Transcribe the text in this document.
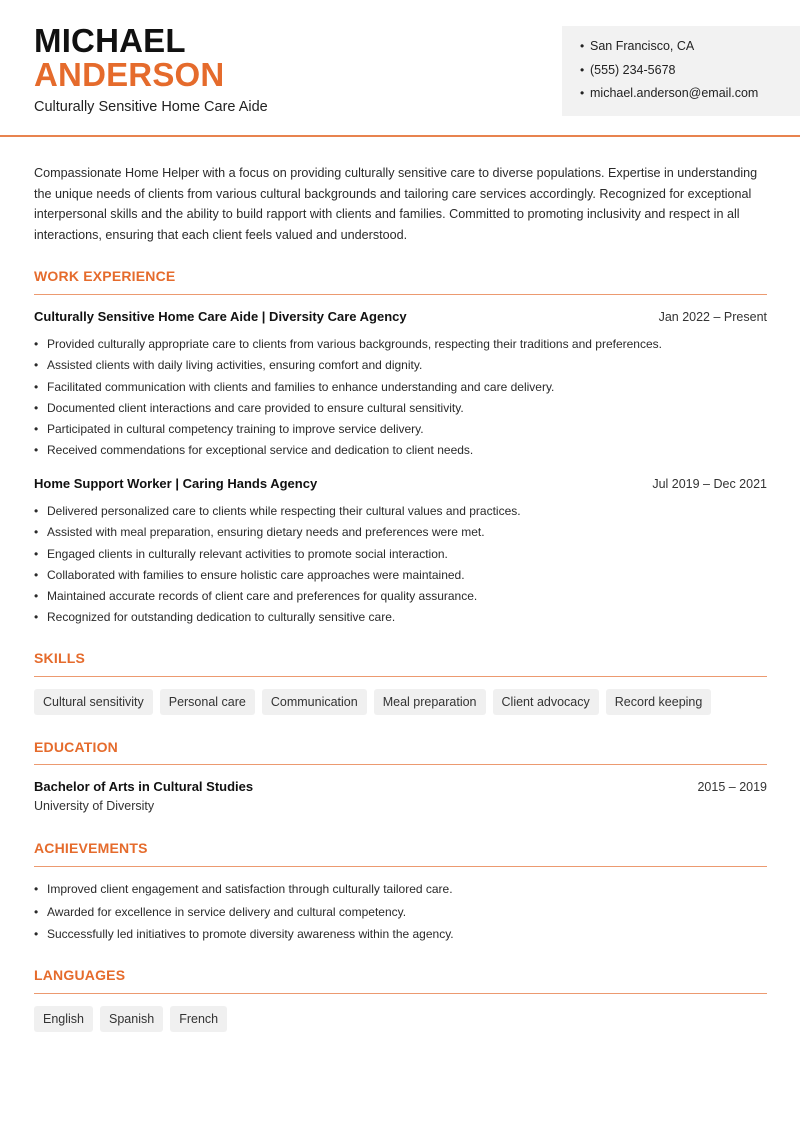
MICHAEL
ANDERSON
Culturally Sensitive Home Care Aide
• San Francisco, CA
• (555) 234-5678
• michael.anderson@email.com
Compassionate Home Helper with a focus on providing culturally sensitive care to diverse populations. Expertise in understanding the unique needs of clients from various cultural backgrounds and tailoring care services accordingly. Recognized for exceptional interpersonal skills and the ability to build rapport with clients and families. Committed to promoting inclusivity and respect in all interactions, ensuring that each client feels valued and understood.
WORK EXPERIENCE
Culturally Sensitive Home Care Aide | Diversity Care Agency	Jan 2022 – Present
• Provided culturally appropriate care to clients from various backgrounds, respecting their traditions and preferences.
• Assisted clients with daily living activities, ensuring comfort and dignity.
• Facilitated communication with clients and families to enhance understanding and care delivery.
• Documented client interactions and care provided to ensure cultural sensitivity.
• Participated in cultural competency training to improve service delivery.
• Received commendations for exceptional service and dedication to client needs.
Home Support Worker | Caring Hands Agency	Jul 2019 – Dec 2021
• Delivered personalized care to clients while respecting their cultural values and practices.
• Assisted with meal preparation, ensuring dietary needs and preferences were met.
• Engaged clients in culturally relevant activities to promote social interaction.
• Collaborated with families to ensure holistic care approaches were maintained.
• Maintained accurate records of client care and preferences for quality assurance.
• Recognized for outstanding dedication to culturally sensitive care.
SKILLS
Cultural sensitivity	Personal care	Communication	Meal preparation	Client advocacy	Record keeping
EDUCATION
Bachelor of Arts in Cultural Studies	2015 – 2019
University of Diversity
ACHIEVEMENTS
• Improved client engagement and satisfaction through culturally tailored care.
• Awarded for excellence in service delivery and cultural competency.
• Successfully led initiatives to promote diversity awareness within the agency.
LANGUAGES
English	Spanish	French
